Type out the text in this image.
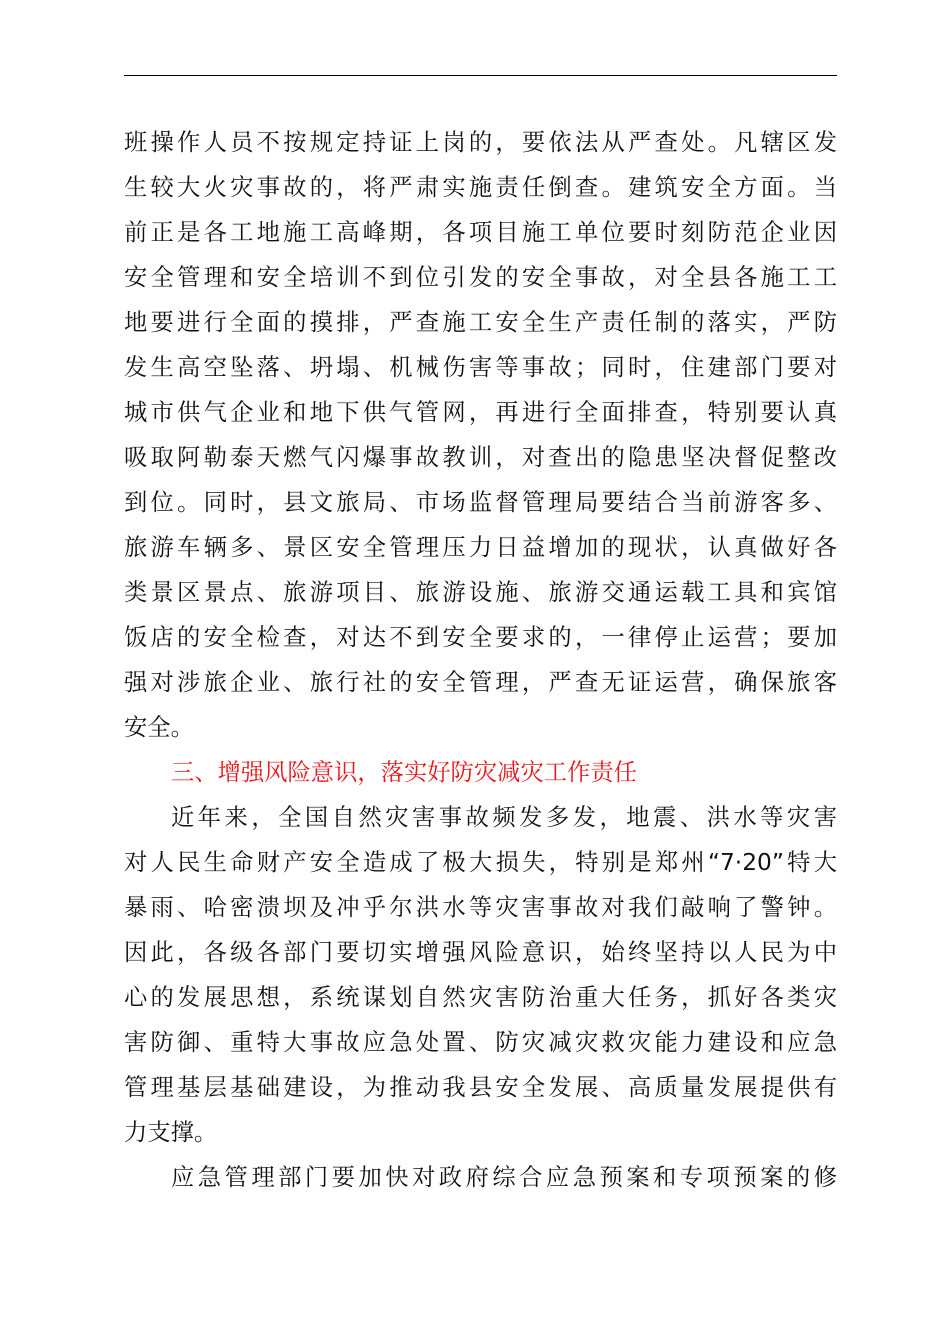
班操作人员不按规定持证上岗的，要依法从严查处。凡辖区发
生较大火灾事故的，将严肃实施责任倒查。建筑安全方面。当
前正是各工地施工高峰期，各项目施工单位要时刻防范企业因
安全管理和安全培训不到位引发的安全事故，对全县各施工工
地要进行全面的摸排，严查施工安全生产责任制的落实，严防
发生高空坠落、坍塌、机械伤害等事故；同时，住建部门要对
城市供气企业和地下供气管网，再进行全面排查，特别要认真
吸取阿勒泰天燃气闪爆事故教训，对查出的隐患坚决督促整改
到位。同时，县文旅局、市场监督管理局要结合当前游客多、
旅游车辆多、景区安全管理压力日益增加的现状，认真做好各
类景区景点、旅游项目、旅游设施、旅游交通运载工具和宾馆
饭店的安全检查，对达不到安全要求的，一律停止运营；要加
强对涉旅企业、旅行社的安全管理，严查无证运营，确保旅客
安全。
三、增强风险意识，落实好防灾减灾工作责任
近年来，全国自然灾害事故频发多发，地震、洪水等灾害
对人民生命财产安全造成了极大损失，特别是郑州“7·20”特大
暴雨、哈密溃坝及冲乎尔洪水等灾害事故对我们敲响了警钟。
因此，各级各部门要切实增强风险意识，始终坚持以人民为中
心的发展思想，系统谋划自然灾害防治重大任务，抓好各类灾
害防御、重特大事故应急处置、防灾减灾救灾能力建设和应急
管理基层基础建设，为推动我县安全发展、高质量发展提供有
力支撑。
应急管理部门要加快对政府综合应急预案和专项预案的修
